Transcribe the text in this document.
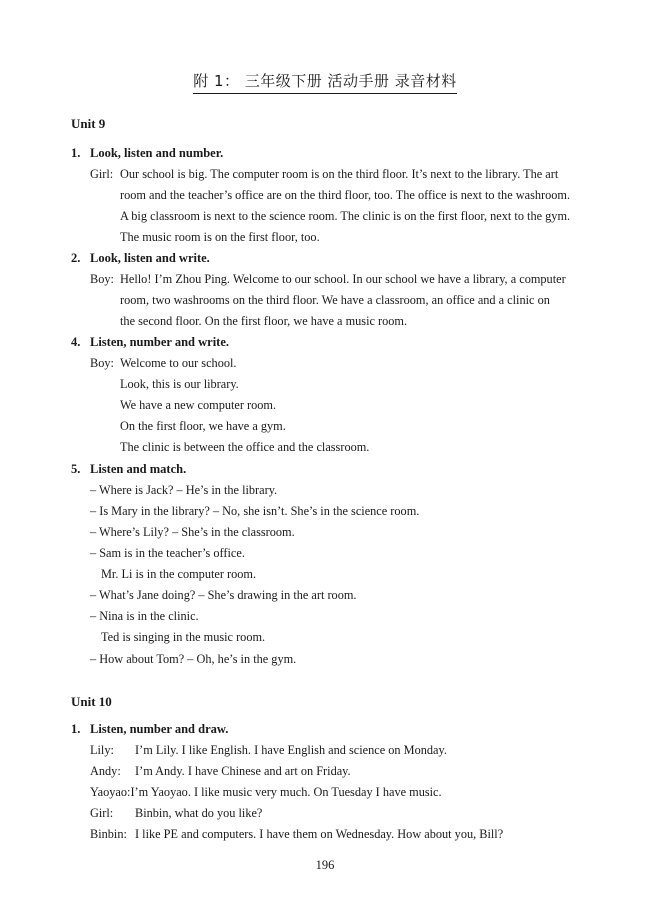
附 1： 三年级下册 活动手册 录音材料
Unit 9
1. Look, listen and number.
Girl: Our school is big. The computer room is on the third floor. It’s next to the library. The art
room and the teacher’s office are on the third floor, too. The office is next to the washroom.
A big classroom is next to the science room. The clinic is on the first floor, next to the gym.
The music room is on the first floor, too.
2. Look, listen and write.
Boy: Hello! I’m Zhou Ping. Welcome to our school. In our school we have a library, a computer
room, two washrooms on the third floor. We have a classroom, an office and a clinic on
the second floor. On the first floor, we have a music room.
4. Listen, number and write.
Boy: Welcome to our school.
Look, this is our library.
We have a new computer room.
On the first floor, we have a gym.
The clinic is between the office and the classroom.
5. Listen and match.
– Where is Jack? – He’s in the library.
– Is Mary in the library? – No, she isn’t. She’s in the science room.
– Where’s Lily? – She’s in the classroom.
– Sam is in the teacher’s office.
Mr. Li is in the computer room.
– What’s Jane doing? – She’s drawing in the art room.
– Nina is in the clinic.
Ted is singing in the music room.
– How about Tom? – Oh, he’s in the gym.
Unit 10
1. Listen, number and draw.
Lily: I’m Lily. I like English. I have English and science on Monday.
Andy: I’m Andy. I have Chinese and art on Friday.
Yaoyao:I’m Yaoyao. I like music very much. On Tuesday I have music.
Girl: Binbin, what do you like?
Binbin: I like PE and computers. I have them on Wednesday. How about you, Bill?
196
